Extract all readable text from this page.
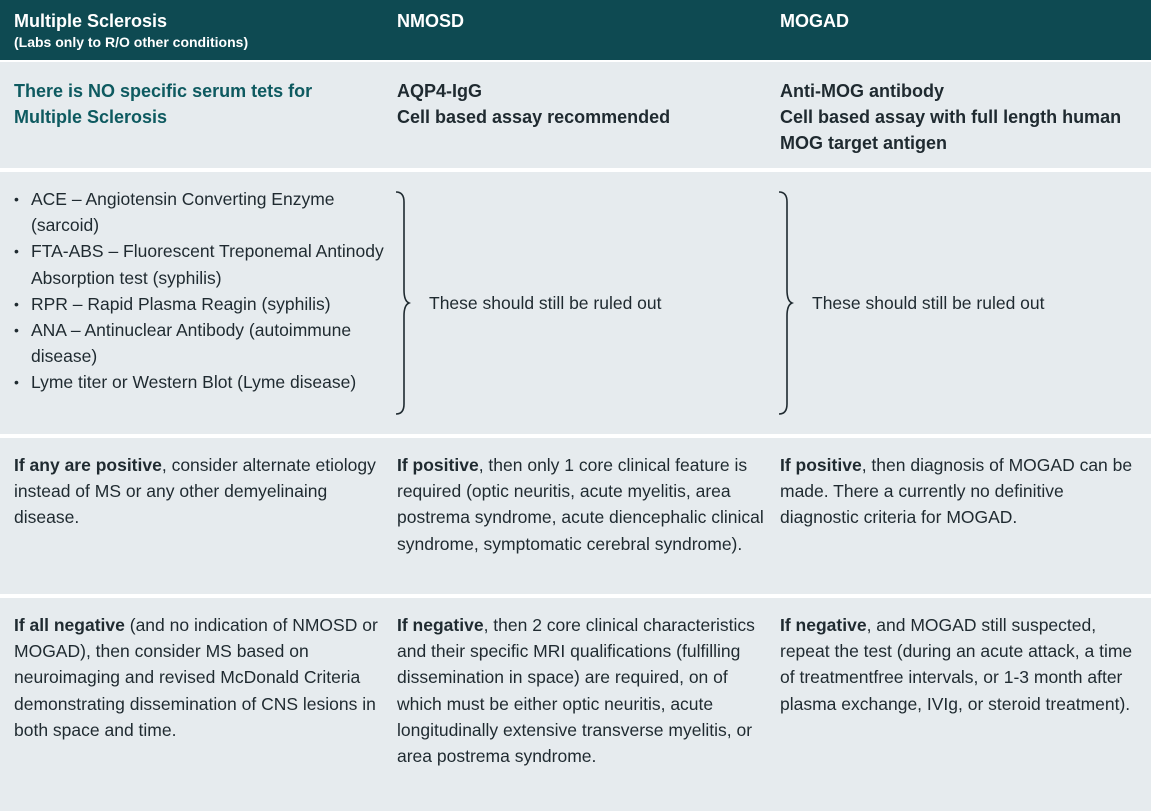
Multiple Sclerosis
(Labs only to R/O other conditions)
NMOSD	MOGAD
There is NO specific serum tets for Multiple Sclerosis
AQP4-IgG
Cell based assay recommended
Anti-MOG antibody
Cell based assay with full length human MOG target antigen
• ACE – Angiotensin Converting Enzyme (sarcoid)
• FTA-ABS – Fluorescent Treponemal Antinody Absorption test (syphilis)
• RPR – Rapid Plasma Reagin (syphilis)
• ANA – Antinuclear Antibody (autoimmune disease)
• Lyme titer or Western Blot (Lyme disease)
These should still be ruled out	These should still be ruled out
If any are positive, consider alternate etiology instead of MS or any other demyelinaing disease.
If positive, then only 1 core clinical feature is required (optic neuritis, acute myelitis, area postrema syndrome, acute diencephalic clinical syndrome, symptomatic cerebral syndrome).
If positive, then diagnosis of MOGAD can be made. There a currently no definitive diagnostic criteria for MOGAD.
If all negative (and no indication of NMOSD or MOGAD), then consider MS based on neuroimaging and revised McDonald Criteria demonstrating dissemination of CNS lesions in both space and time.
If negative, then 2 core clinical characteristics and their specific MRI qualifications (fulfilling dissemination in space) are required, on of which must be either optic neuritis, acute longitudinally extensive transverse myelitis, or area postrema syndrome.
If negative, and MOGAD still suspected, repeat the test (during an acute attack, a time of treatmentfree intervals, or 1-3 month after plasma exchange, IVIg, or steroid treatment).
